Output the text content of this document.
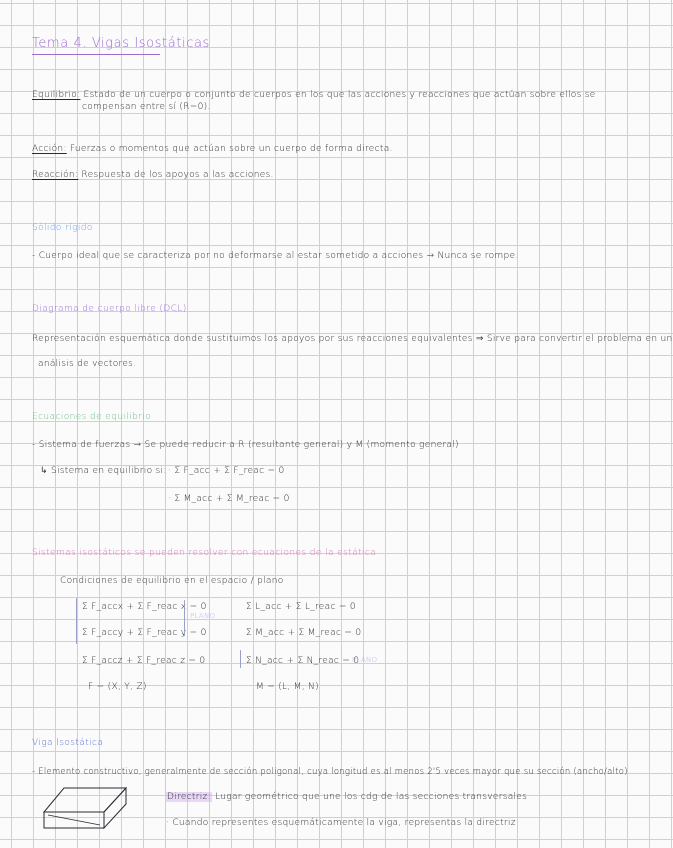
Tema 4. Vigas Isostáticas
Equilibrio: Estado de un cuerpo o conjunto de cuerpos en los que las acciones y reacciones que actúan sobre ellos se
compensan entre sí (R=0).
Acción: Fuerzas o momentos que actúan sobre un cuerpo de forma directa.
Reacción: Respuesta de los apoyos a las acciones.
Sólido rígido
- Cuerpo ideal que se caracteriza por no deformarse al estar sometido a acciones → Nunca se rompe.
Diagrama de cuerpo libre (DCL)
Representación esquemática donde sustituimos los apoyos por sus reacciones equivalentes ⇒ Sirve para convertir el problema en un
análisis de vectores.
Ecuaciones de equilibrio
- Sistema de fuerzas → Se puede reducir a R (resultante general) y M (momento general)
↳ Sistema en equilibrio si: · Σ F_acc + Σ F_reac = 0
· Σ M_acc + Σ M_reac = 0
Sistemas isostáticos se pueden resolver con ecuaciones de la estática
Condiciones de equilibrio en el espacio / plano
Σ F_accx + Σ F_reac x = 0
Σ F_accy + Σ F_reac y = 0
Σ F_accz + Σ F_reac z = 0
F = (X, Y, Z)
PLANO
Σ L_acc + Σ L_reac = 0
Σ M_acc + Σ M_reac = 0
Σ N_acc + Σ N_reac = 0
PLANO
M = (L, M, N)
Viga Isostática
- Elemento constructivo, generalmente de sección poligonal, cuya longitud es al menos 2'5 veces mayor que su sección (ancho/alto)
Directriz: Lugar geométrico que une los cdg de las secciones transversales
· Cuando representes esquemáticamente la viga, representas la directriz
